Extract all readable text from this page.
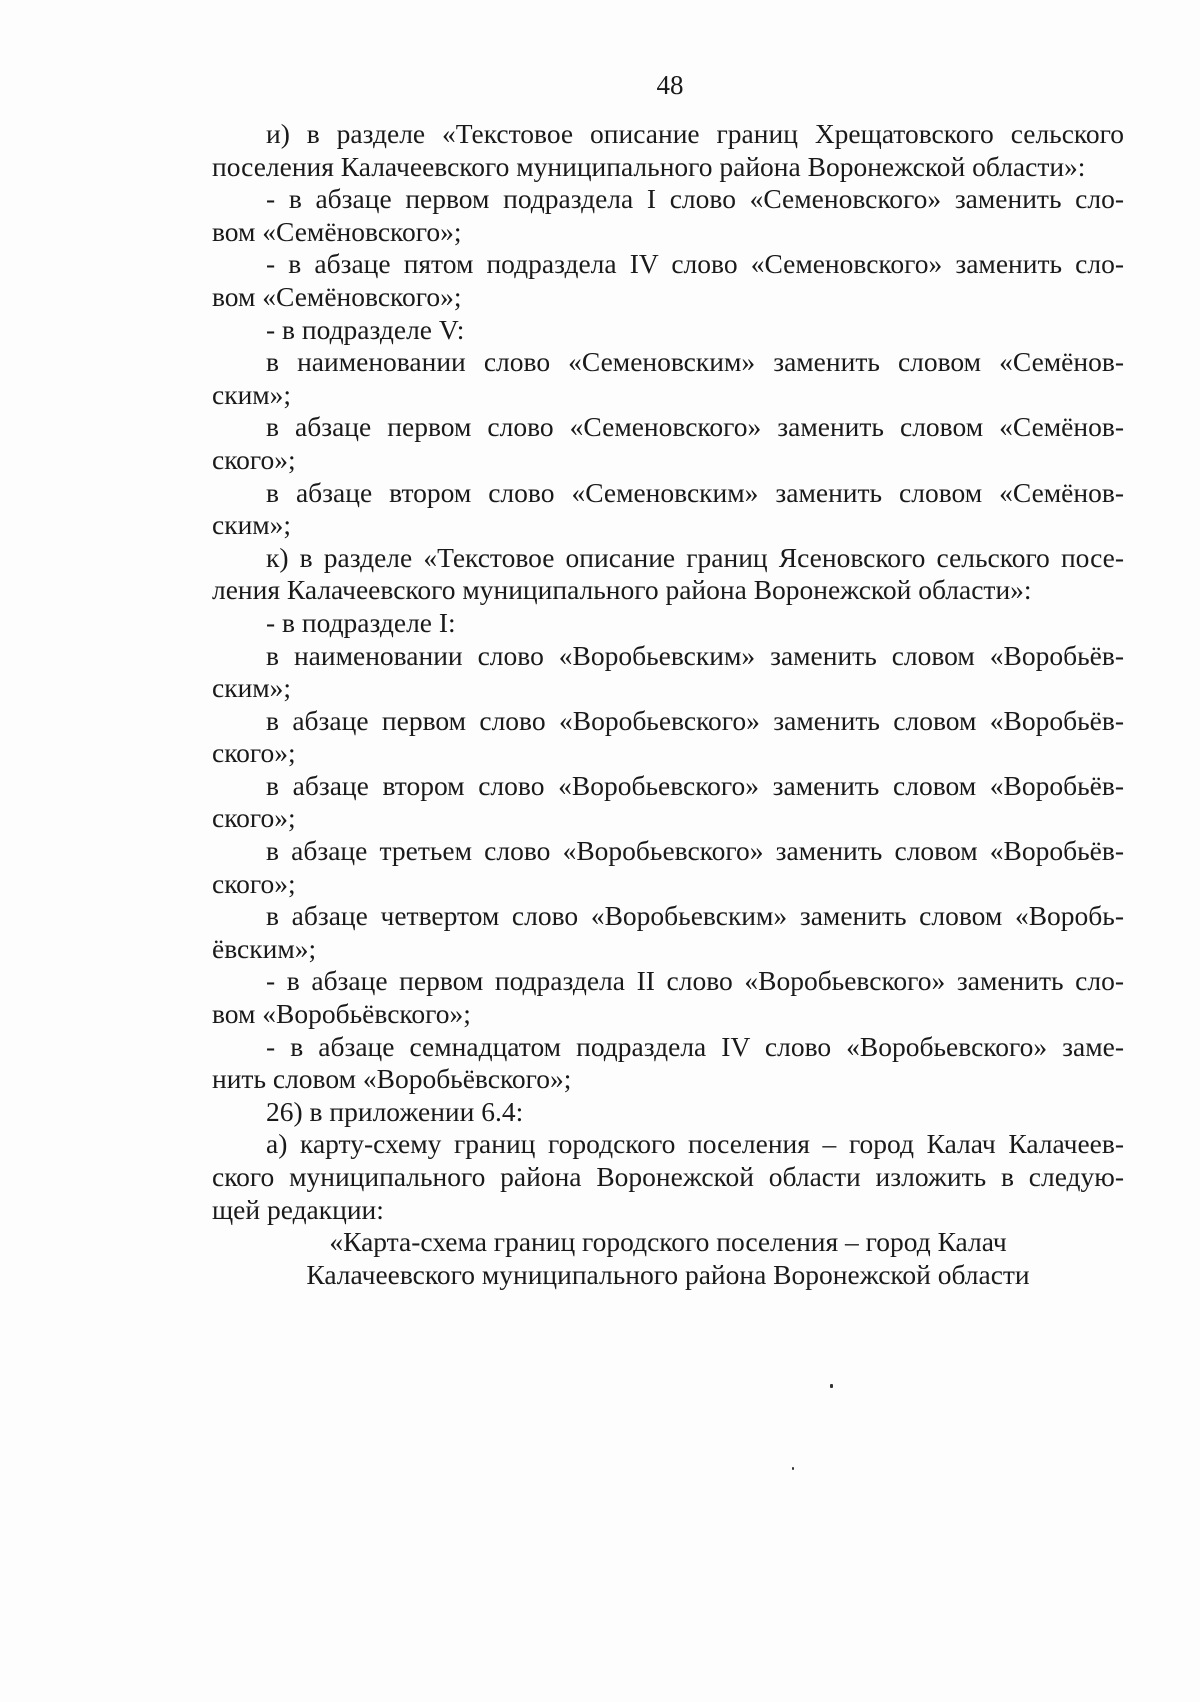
48
и) в разделе «Текстовое описание границ Хрещатовского сельского
поселения Калачеевского муниципального района Воронежской области»:
- в абзаце первом подраздела I слово «Семеновского» заменить сло-
вом «Семёновского»;
- в абзаце пятом подраздела IV слово «Семеновского» заменить сло-
вом «Семёновского»;
- в подразделе V:
в наименовании слово «Семеновским» заменить словом «Семёнов-
ским»;
в абзаце первом слово «Семеновского» заменить словом «Семёнов-
ского»;
в абзаце втором слово «Семеновским» заменить словом «Семёнов-
ским»;
к) в разделе «Текстовое описание границ Ясеновского сельского посе-
ления Калачеевского муниципального района Воронежской области»:
- в подразделе I:
в наименовании слово «Воробьевским» заменить словом «Воробьёв-
ским»;
в абзаце первом слово «Воробьевского» заменить словом «Воробьёв-
ского»;
в абзаце втором слово «Воробьевского» заменить словом «Воробьёв-
ского»;
в абзаце третьем слово «Воробьевского» заменить словом «Воробьёв-
ского»;
в абзаце четвертом слово «Воробьевским» заменить словом «Воробь-
ёвским»;
- в абзаце первом подраздела II слово «Воробьевского» заменить сло-
вом «Воробьёвского»;
- в абзаце семнадцатом подраздела IV слово «Воробьевского» заме-
нить словом «Воробьёвского»;
26) в приложении 6.4:
а) карту-схему границ городского поселения – город Калач Калачеев-
ского муниципального района Воронежской области изложить в следую-
щей редакции:
«Карта-схема границ городского поселения – город Калач
Калачеевского муниципального района Воронежской области
